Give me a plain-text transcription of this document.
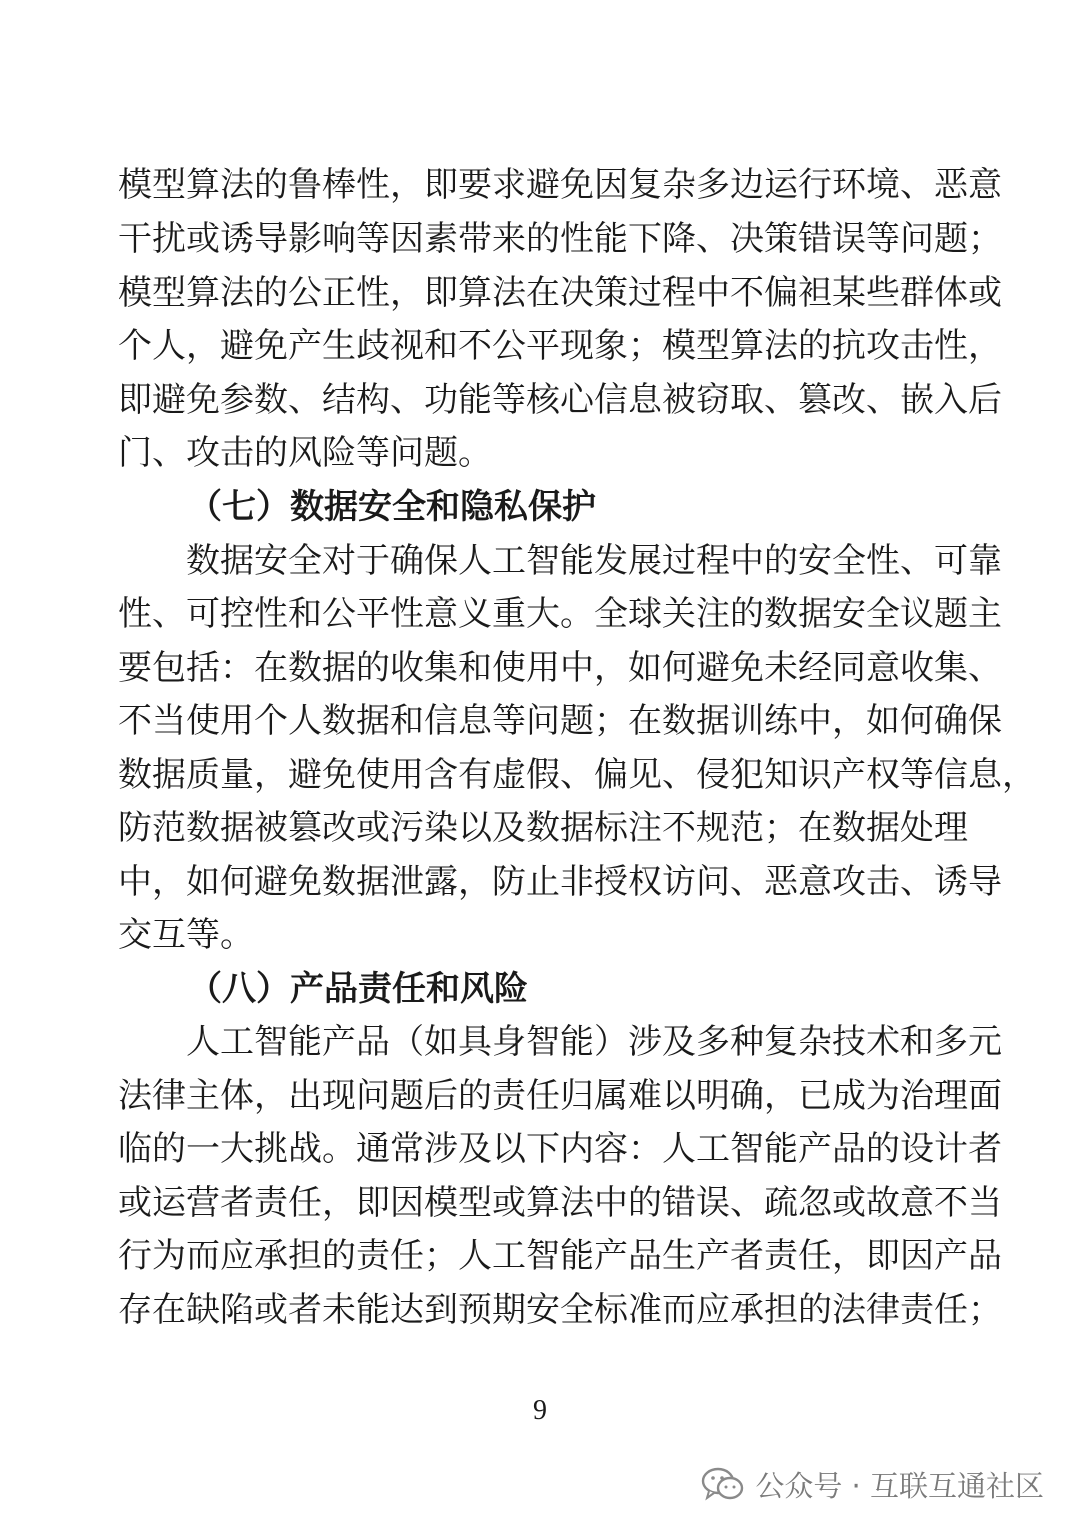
模型算法的鲁棒性，即要求避免因复杂多边运行环境、恶意
干扰或诱导影响等因素带来的性能下降、决策错误等问题；
模型算法的公正性，即算法在决策过程中不偏袒某些群体或
个人，避免产生歧视和不公平现象；模型算法的抗攻击性，
即避免参数、结构、功能等核心信息被窃取、篡改、嵌入后
门、攻击的风险等问题。
（七）数据安全和隐私保护
数据安全对于确保人工智能发展过程中的安全性、可靠
性、可控性和公平性意义重大。全球关注的数据安全议题主
要包括：在数据的收集和使用中，如何避免未经同意收集、
不当使用个人数据和信息等问题；在数据训练中，如何确保
数据质量，避免使用含有虚假、偏见、侵犯知识产权等信息，
防范数据被篡改或污染以及数据标注不规范；在数据处理
中，如何避免数据泄露，防止非授权访问、恶意攻击、诱导
交互等。
（八）产品责任和风险
人工智能产品（如具身智能）涉及多种复杂技术和多元
法律主体，出现问题后的责任归属难以明确，已成为治理面
临的一大挑战。通常涉及以下内容：人工智能产品的设计者
或运营者责任，即因模型或算法中的错误、疏忽或故意不当
行为而应承担的责任；人工智能产品生产者责任，即因产品
存在缺陷或者未能达到预期安全标准而应承担的法律责任；
9
公众号 · 互联互通社区
